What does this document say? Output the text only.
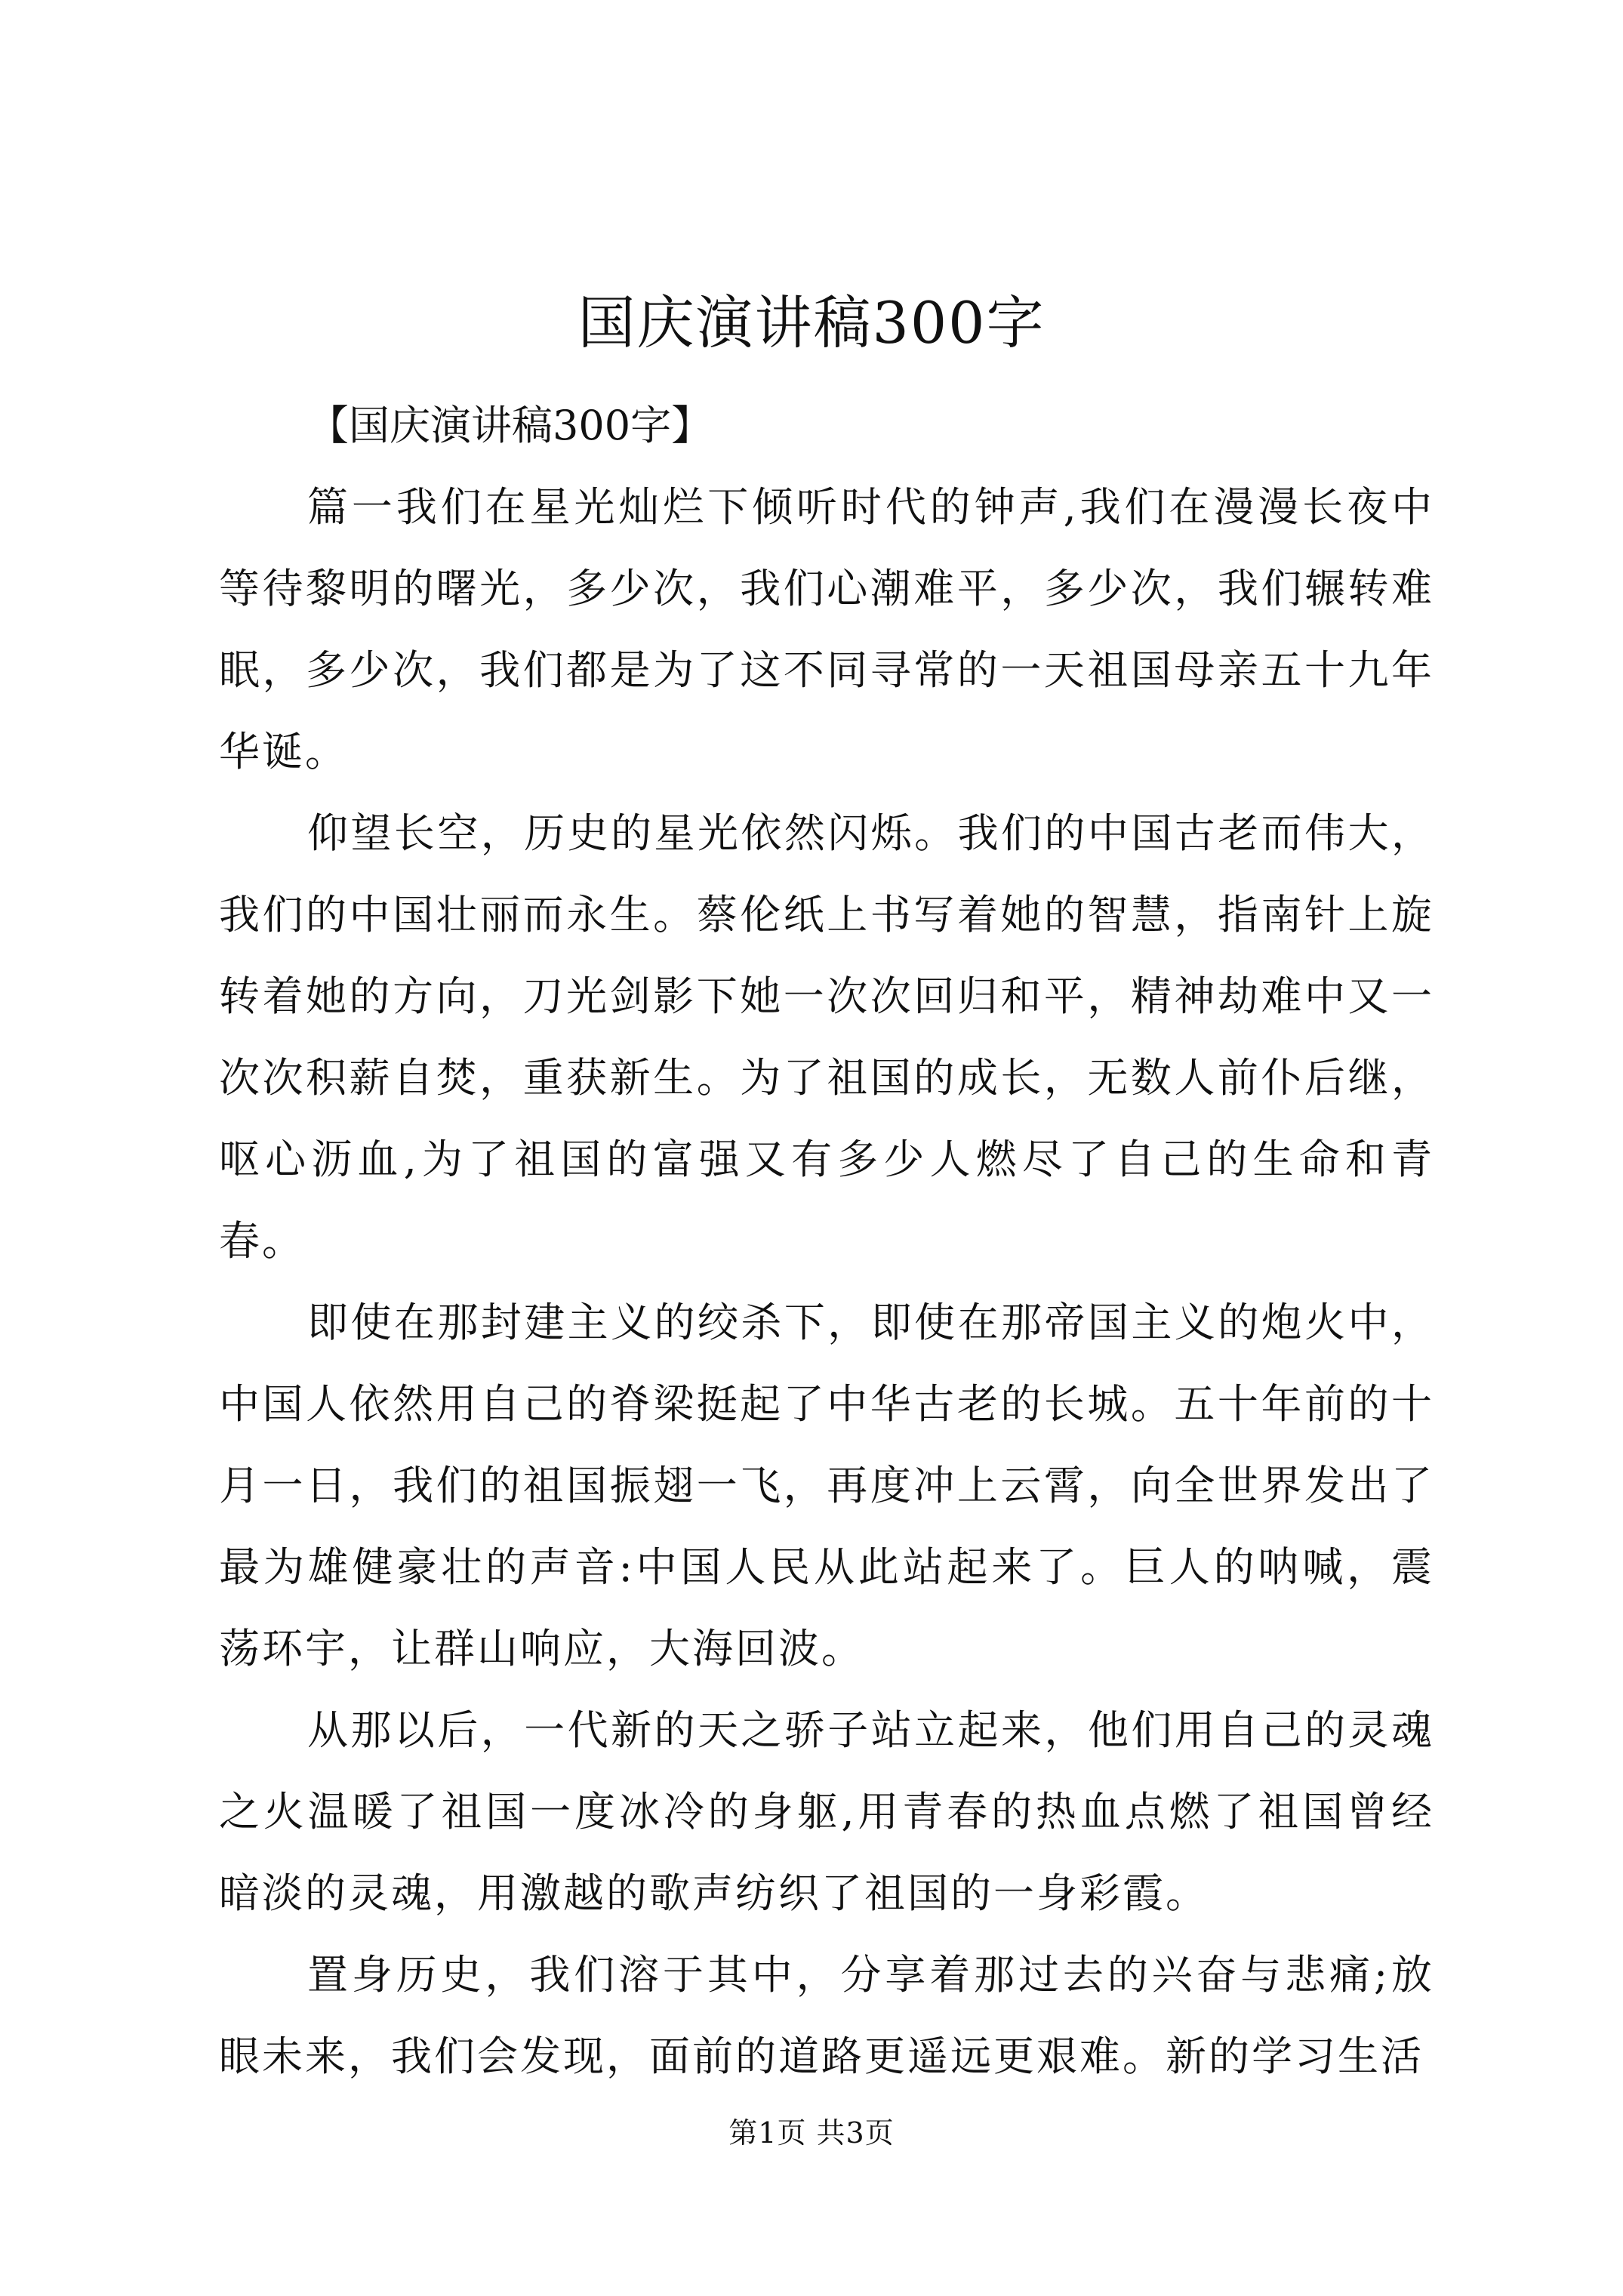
国庆演讲稿300字

【国庆演讲稿300字】

篇一我们在星光灿烂下倾听时代的钟声,我们在漫漫长夜中等待黎明的曙光，多少次，我们心潮难平，多少次，我们辗转难眠，多少次，我们都是为了这不同寻常的一天祖国母亲五十九年华诞。

仰望长空，历史的星光依然闪烁。我们的中国古老而伟大，我们的中国壮丽而永生。蔡伦纸上书写着她的智慧，指南针上旋转着她的方向，刀光剑影下她一次次回归和平，精神劫难中又一次次积薪自焚，重获新生。为了祖国的成长，无数人前仆后继，呕心沥血,为了祖国的富强又有多少人燃尽了自己的生命和青春。

即使在那封建主义的绞杀下，即使在那帝国主义的炮火中，中国人依然用自己的脊梁挺起了中华古老的长城。五十年前的十月一日，我们的祖国振翅一飞，再度冲上云霄，向全世界发出了最为雄健豪壮的声音:中国人民从此站起来了。巨人的呐喊，震荡环宇，让群山响应，大海回波。

从那以后，一代新的天之骄子站立起来，他们用自己的灵魂之火温暖了祖国一度冰冷的身躯,用青春的热血点燃了祖国曾经暗淡的灵魂，用激越的歌声纺织了祖国的一身彩霞。

置身历史，我们溶于其中，分享着那过去的兴奋与悲痛;放眼未来，我们会发现，面前的道路更遥远更艰难。新的学习生活

第1页 共3页
